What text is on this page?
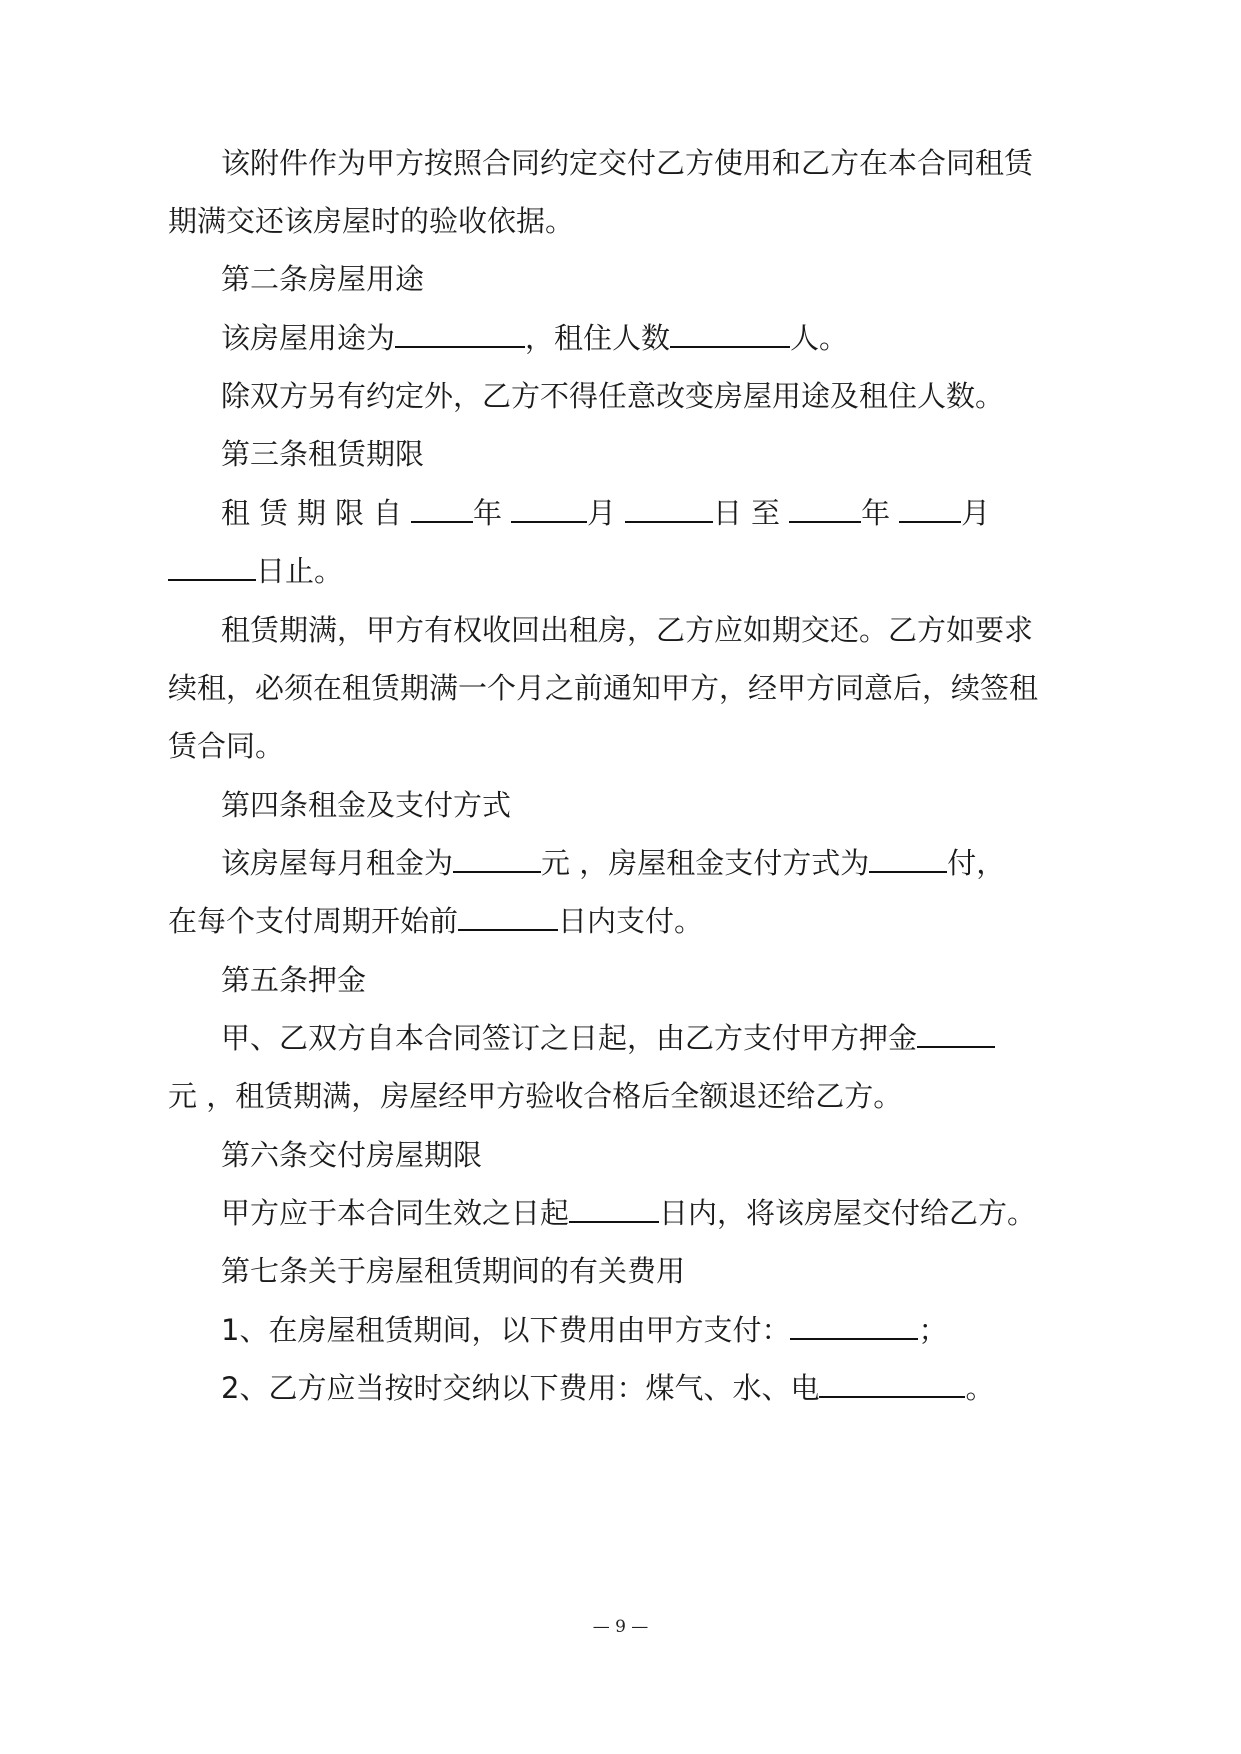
该附件作为甲方按照合同约定交付乙方使用和乙方在本合同租赁
期满交还该房屋时的验收依据。
第二条房屋用途
该房屋用途为	，租住人数	人。
除双方另有约定外，乙方不得任意改变房屋用途及租住人数。
第三条租赁期限
租赁期限自 年	月	日至 年 月
日止。
租赁期满，甲方有权收回出租房，乙方应如期交还。乙方如要求
续租，必须在租赁期满一个月之前通知甲方，经甲方同意后，续签租
赁合同。
第四条租金及支付方式
该房屋每月租金为	元 ，房屋租金支付方式为	付，
在每个支付周期开始前	日内支付。
第五条押金
甲、乙双方自本合同签订之日起，由乙方支付甲方押金
元 ，租赁期满，房屋经甲方验收合格后全额退还给乙方。
第六条交付房屋期限
甲方应于本合同生效之日起	日内，将该房屋交付给乙方。
第七条关于房屋租赁期间的有关费用
1、在房屋租赁期间，以下费用由甲方支付：	；
2、乙方应当按时交纳以下费用：煤气、水、电	。
— 9 —
